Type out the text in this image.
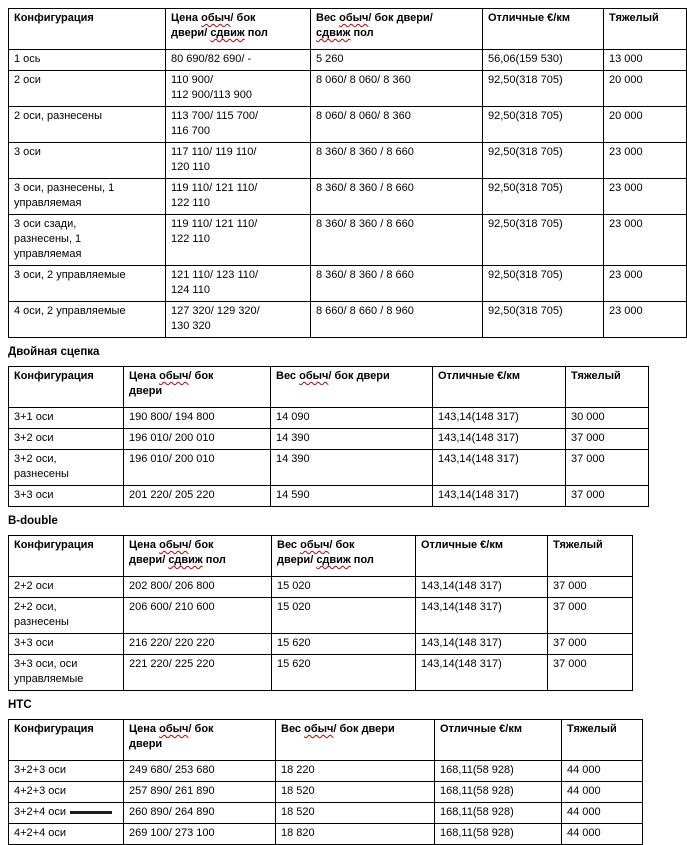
Конфигурация	Цена обыч/ бок
двери/ сдвиж пол	Вес обыч/ бок двери/
сдвиж пол	Отличные €/км	Тяжелый
1 ось	80 690/82 690/ -	5 260	56,06(159 530)	13 000
2 оси	110 900/
112 900/113 900	8 060/ 8 060/ 8 360	92,50(318 705)	20 000
2 оси, разнесены	113 700/ 115 700/
116 700	8 060/ 8 060/ 8 360	92,50(318 705)	20 000
3 оси	117 110/ 119 110/
120 110	8 360/ 8 360 / 8 660	92,50(318 705)	23 000
3 оси, разнесены, 1
управляемая	119 110/ 121 110/
122 110	8 360/ 8 360 / 8 660	92,50(318 705)	23 000
3 оси сзади,
разнесены, 1
управляемая	119 110/ 121 110/
122 110	8 360/ 8 360 / 8 660	92,50(318 705)	23 000
3 оси, 2 управляемые	121 110/ 123 110/
124 110	8 360/ 8 360 / 8 660	92,50(318 705)	23 000
4 оси, 2 управляемые	127 320/ 129 320/
130 320	8 660/ 8 660 / 8 960	92,50(318 705)	23 000
Двойная сцепка
Конфигурация	Цена обыч/ бок
двери	Вес обыч/ бок двери	Отличные €/км	Тяжелый
3+1 оси	190 800/ 194 800	14 090	143,14(148 317)	30 000
3+2 оси	196 010/ 200 010	14 390	143,14(148 317)	37 000
3+2 оси,
разнесены	196 010/ 200 010	14 390	143,14(148 317)	37 000
3+3 оси	201 220/ 205 220	14 590	143,14(148 317)	37 000
B-double
Конфигурация	Цена обыч/ бок
двери/ сдвиж пол	Вес обыч/ бок
двери/ сдвиж пол	Отличные €/км	Тяжелый
2+2 оси	202 800/ 206 800	15 020	143,14(148 317)	37 000
2+2 оси,
разнесены	206 600/ 210 600	15 020	143,14(148 317)	37 000
3+3 оси	216 220/ 220 220	15 620	143,14(148 317)	37 000
3+3 оси, оси
управляемые	221 220/ 225 220	15 620	143,14(148 317)	37 000
НТС
Конфигурация	Цена обыч/ бок
двери	Вес обыч/ бок двери	Отличные €/км	Тяжелый
3+2+3 оси	249 680/ 253 680	18 220	168,11(58 928)	44 000
4+2+3 оси	257 890/ 261 890	18 520	168,11(58 928)	44 000
3+2+4 оси	260 890/ 264 890	18 520	168,11(58 928)	44 000
4+2+4 оси	269 100/ 273 100	18 820	168,11(58 928)	44 000
